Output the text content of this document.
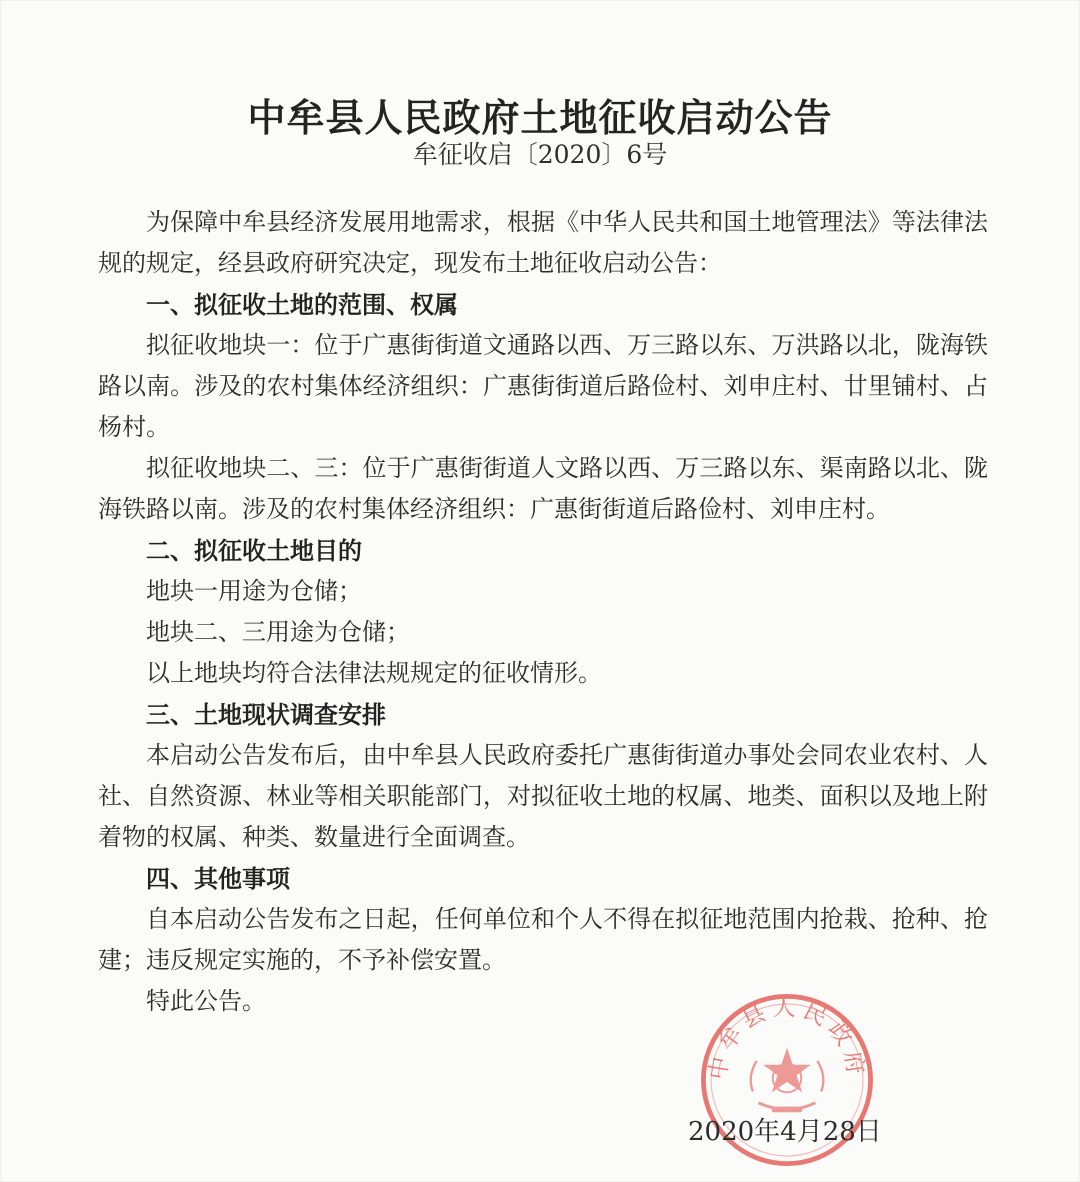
中牟县人民政府土地征收启动公告
牟征收启〔2020〕6号

为保障中牟县经济发展用地需求，根据《中华人民共和国土地管理法》等法律法规的规定，经县政府研究决定，现发布土地征收启动公告：

一、拟征收土地的范围、权属

拟征收地块一：位于广惠街街道文通路以西、万三路以东、万洪路以北，陇海铁路以南。涉及的农村集体经济组织：广惠街街道后路俭村、刘申庄村、廿里铺村、占杨村。

拟征收地块二、三：位于广惠街街道人文路以西、万三路以东、渠南路以北、陇海铁路以南。涉及的农村集体经济组织：广惠街街道后路俭村、刘申庄村。

二、拟征收土地目的

地块一用途为仓储；

地块二、三用途为仓储；

以上地块均符合法律法规规定的征收情形。

三、土地现状调查安排

本启动公告发布后，由中牟县人民政府委托广惠街街道办事处会同农业农村、人社、自然资源、林业等相关职能部门，对拟征收土地的权属、地类、面积以及地上附着物的权属、种类、数量进行全面调查。

四、其他事项

自本启动公告发布之日起，任何单位和个人不得在拟征地范围内抢栽、抢种、抢建；违反规定实施的，不予补偿安置。

特此公告。

中牟县人民政府
2020年4月28日
